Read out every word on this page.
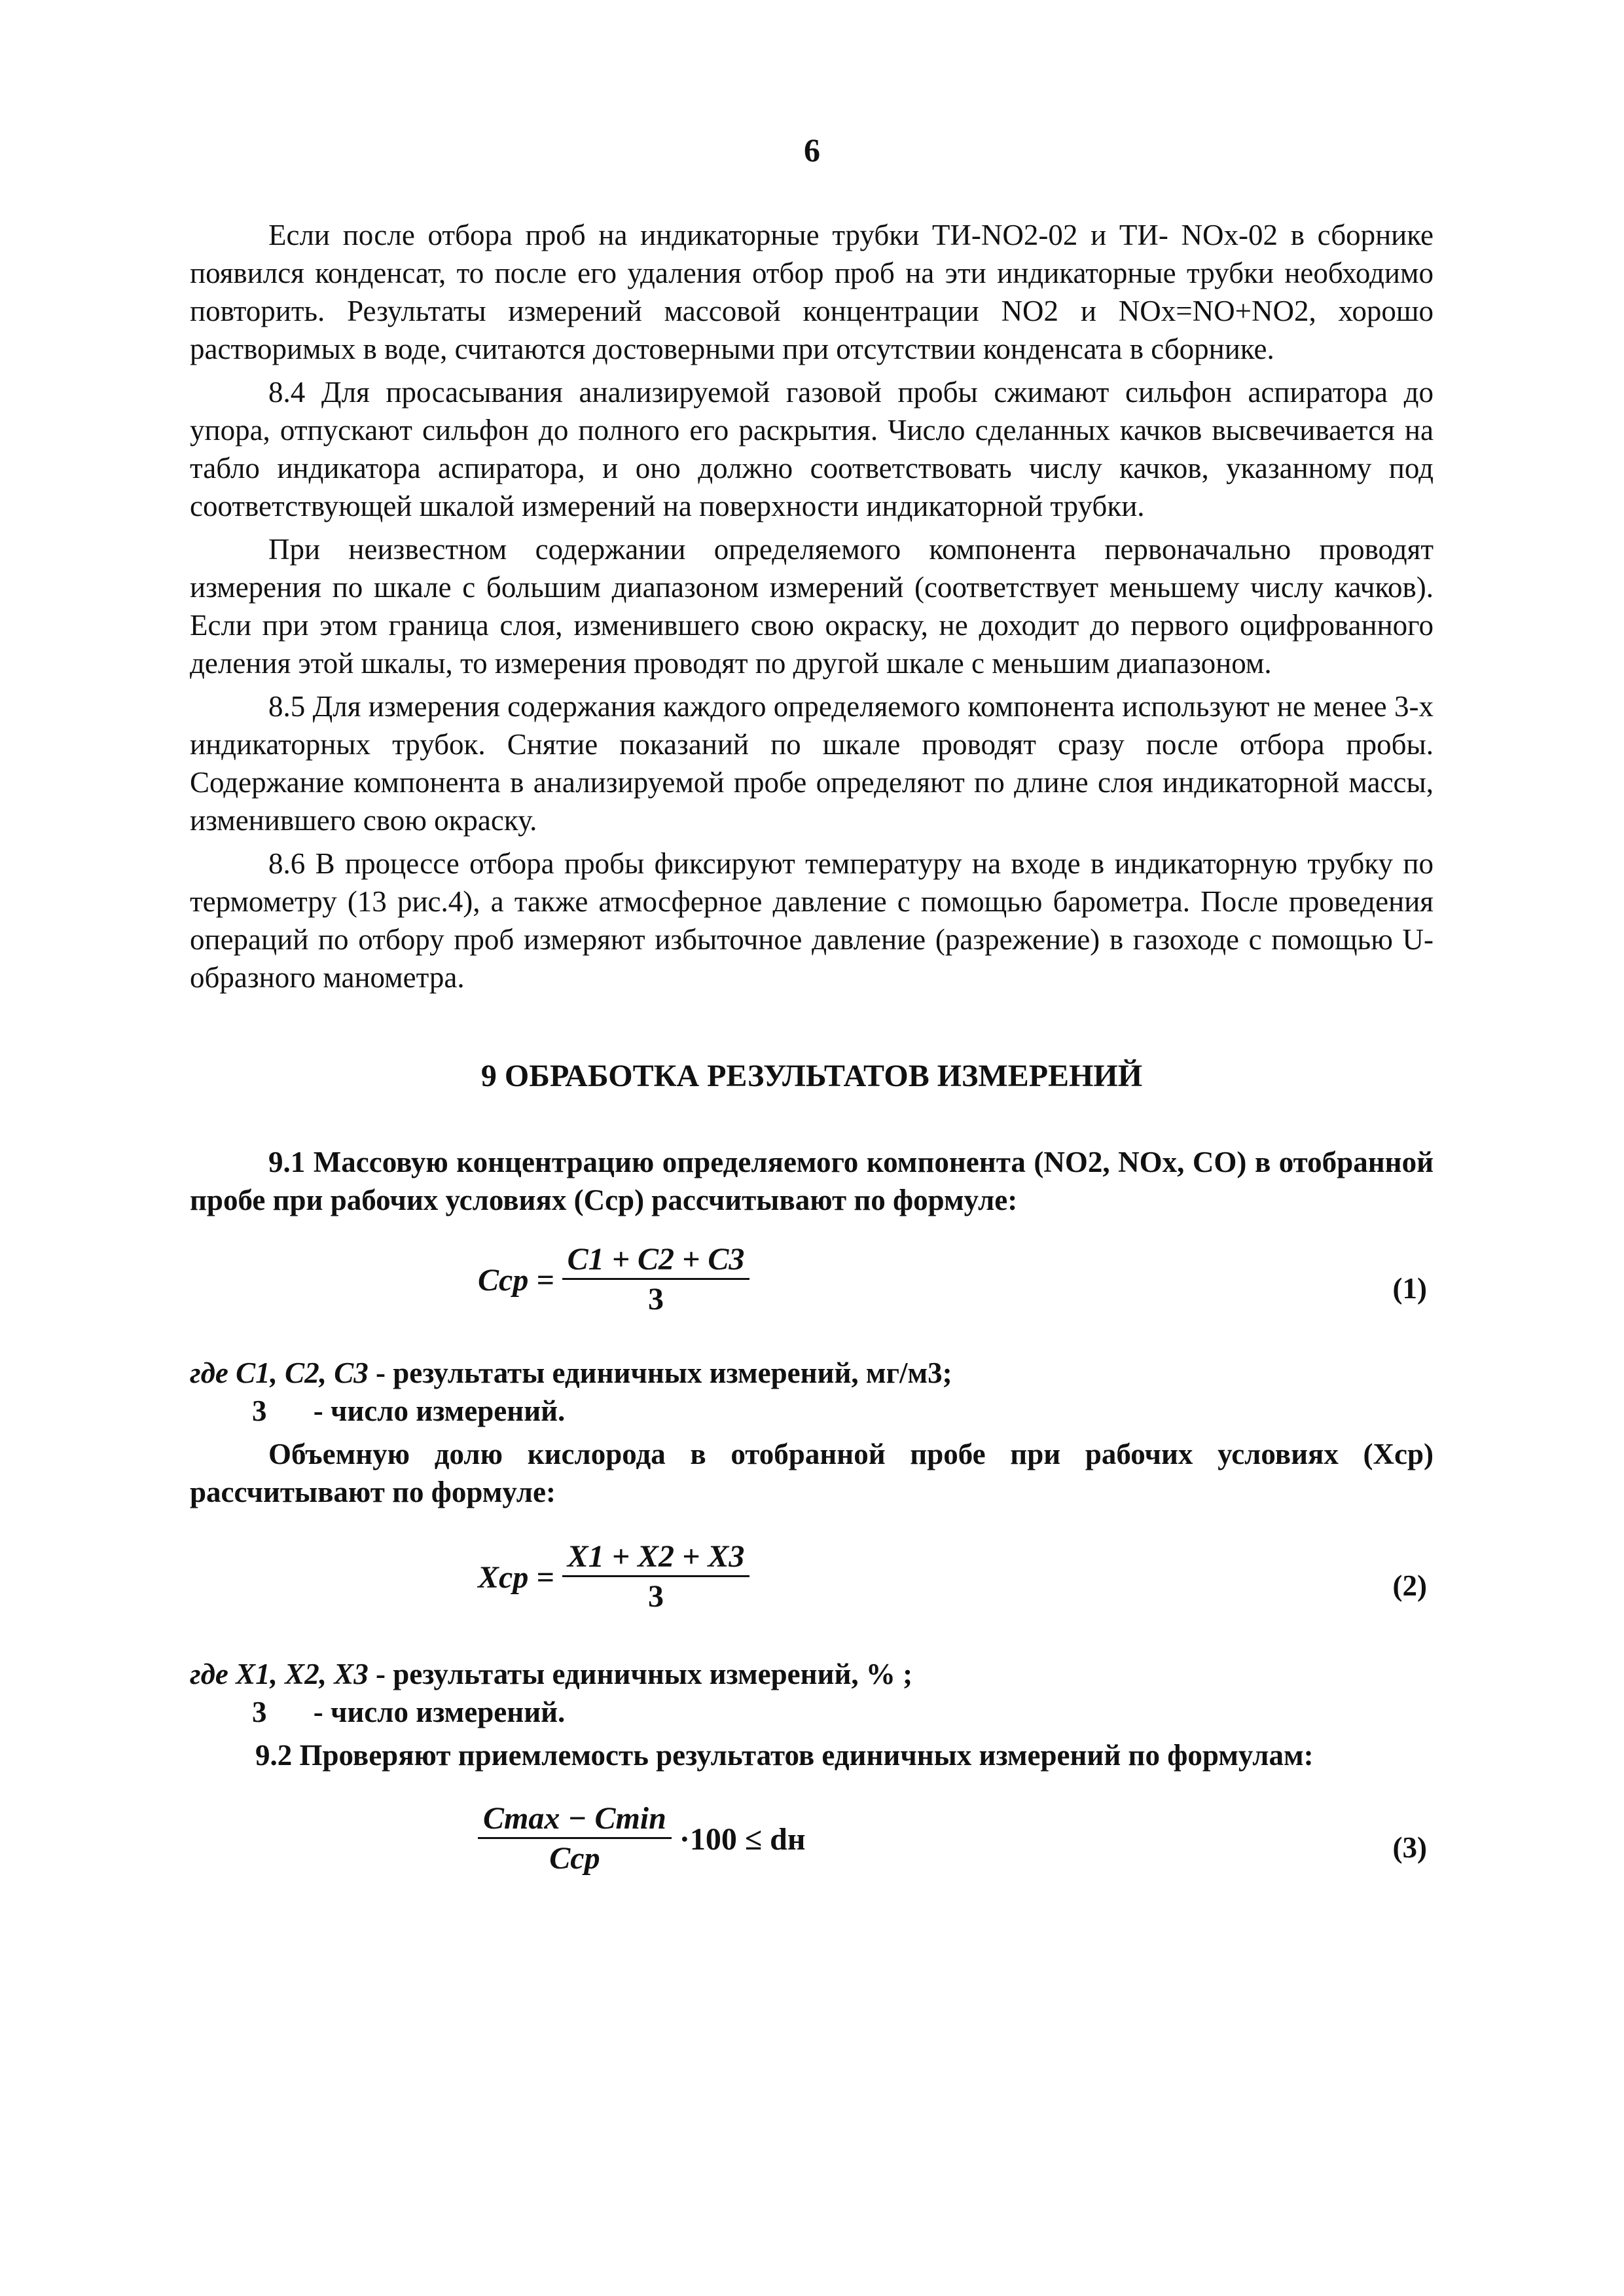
6

Если после отбора проб на индикаторные трубки ТИ-NO2-02 и ТИ- NOx-02 в сборнике появился конденсат, то после его удаления отбор проб на эти индикаторные трубки необходимо повторить. Результаты измерений массовой концентрации NO2 и NOx=NO+NO2, хорошо растворимых в воде, считаются достоверными при отсутствии конденсата в сборнике.

8.4 Для просасывания анализируемой газовой пробы сжимают сильфон аспиратора до упора, отпускают сильфон до полного его раскрытия. Число сделанных качков высвечивается на табло индикатора аспиратора, и оно должно соответствовать числу качков, указанному под соответствующей шкалой измерений на поверхности индикаторной трубки.

При неизвестном содержании определяемого компонента первоначально проводят измерения по шкале с большим диапазоном измерений (соответствует меньшему числу качков). Если при этом граница слоя, изменившего свою окраску, не доходит до первого оцифрованного деления этой шкалы, то измерения проводят по другой шкале с меньшим диапазоном.

8.5 Для измерения содержания каждого определяемого компонента используют не менее 3-х индикаторных трубок. Снятие показаний по шкале проводят сразу после отбора пробы. Содержание компонента в анализируемой пробе определяют по длине слоя индикаторной массы, изменившего свою окраску.

8.6 В процессе отбора пробы фиксируют температуру на входе в индикаторную трубку по термометру (13 рис.4), а также атмосферное давление с помощью барометра. После проведения операций по отбору проб измеряют избыточное давление (разрежение) в газоходе с помощью U-образного манометра.

9 ОБРАБОТКА РЕЗУЛЬТАТОВ ИЗМЕРЕНИЙ

9.1 Массовую концентрацию определяемого компонента (NO2, NOx, CO) в отобранной пробе при рабочих условиях (Cср) рассчитывают по формуле:

Cср = $\frac{C1 + C2 + C3}{3}$	(1)
где C1, C2, C3 - результаты единичных измерений, мг/м3;
3 - число измерений.

Объемную долю кислорода в отобранной пробе при рабочих условиях (Xср) рассчитывают по формуле:

Xср = $\frac{X1 + X2 + X3}{3}$	(2)
где X1, X2, X3 - результаты единичных измерений, % ;
3 - число измерений.

9.2 Проверяют приемлемость результатов единичных измерений по формулам:

$\frac{Cmax - Cmin}{\text{Cср}} \cdot 100$ ≤ dн	(3)
